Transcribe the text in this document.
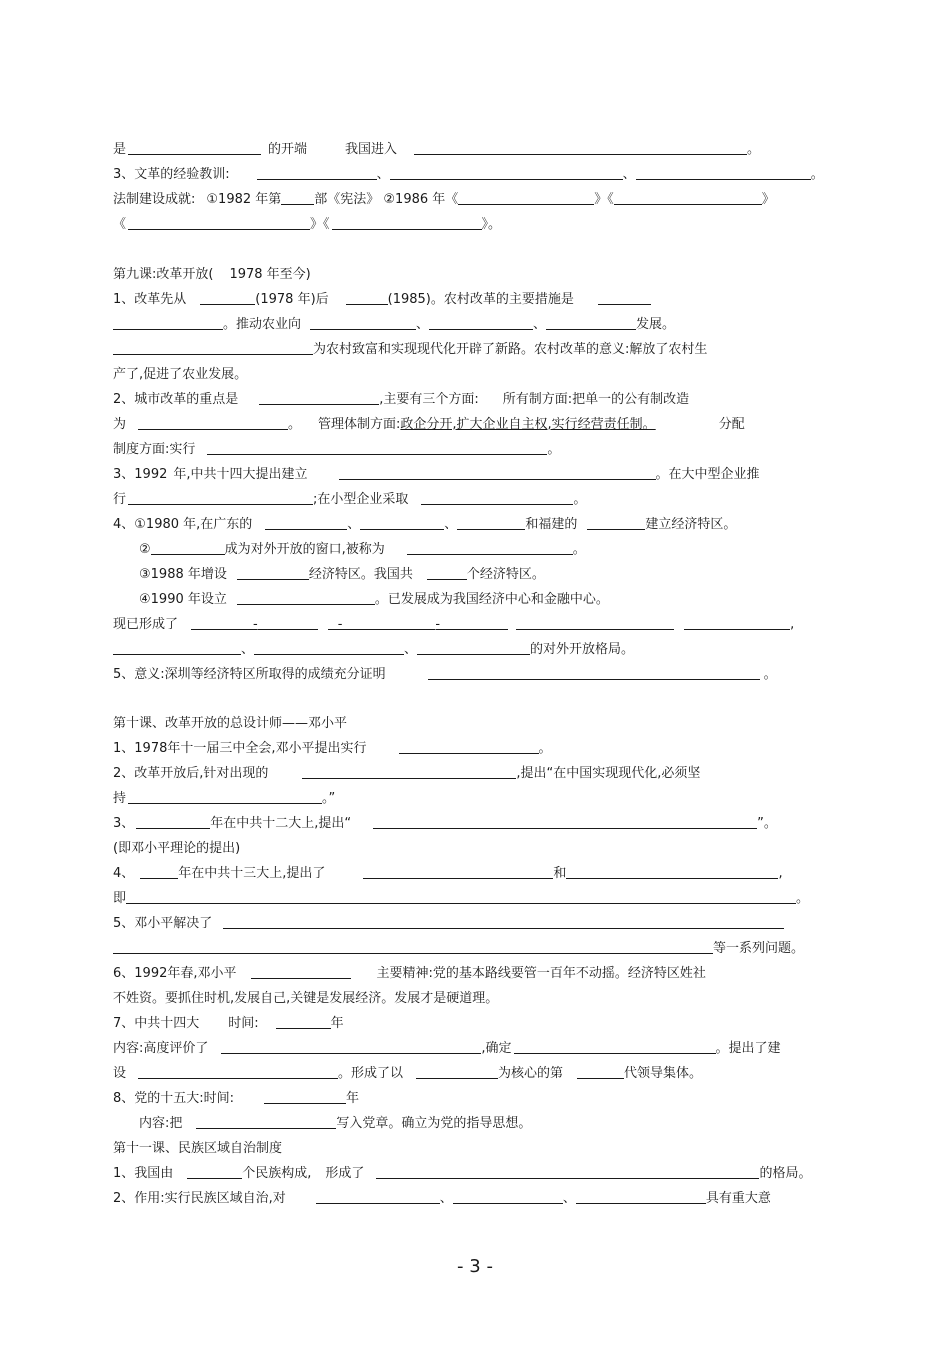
是	的开端	我国进入	。
3、文革的经验教训:	、	、	。
法制建设成就: ①1982 年第	部《宪法》 ②1986 年《	》《	》
《	》《	》。
第九课:改革开放( 1978 年至今)
1、改革先从	(1978 年)后	(1985)。农村改革的主要措施是
。推动农业向	、	、	发展。
为农村致富和实现现代化开辟了新路。农村改革的意义:解放了农村生
产了,促进了农业发展。
2、城市改革的重点是	,主要有三个方面: 所有制方面:把单一的公有制改造
为	。 管理体制方面:政企分开,扩大企业自主权,实行经营责任制。	分配
制度方面:实行	。
3、1992 年,中共十四大提出建立	。在大中型企业推
行	;在小型企业采取	。
4、①1980 年,在广东的	、	、	和福建的	建立经济特区。
②	成为对外开放的窗口,被称为	。
③1988 年增设	经济特区。我国共	个经济特区。
④1990 年设立	。已发展成为我国经济中心和金融中心。
现已形成了	-	-	-	,
、	、	的对外开放格局。
5、意义:深圳等经济特区所取得的成绩充分证明	。
第十课、改革开放的总设计师——邓小平
1、1978年十一届三中全会,邓小平提出实行	。
2、改革开放后,针对出现的	,提出“在中国实现现代化,必须坚
持	。”
3、	年在中共十二大上,提出“	”。
(即邓小平理论的提出)
4、	年在中共十三大上,提出了	和	,
即	。
5、邓小平解决了
等一系列问题。
6、1992年春,邓小平	主要精神:党的基本路线要管一百年不动摇。经济特区姓社
不姓资。要抓住时机,发展自己,关键是发展经济。发展才是硬道理。
7、中共十四大 时间:	年
内容:高度评价了	,确定	。提出了建
设	。形成了以	为核心的第	代领导集体。
8、党的十五大:时间:	年
内容:把	写入党章。确立为党的指导思想。
第十一课、民族区域自治制度
1、我国由	个民族构成, 形成了	的格局。
2、作用:实行民族区域自治,对	、	、	具有重大意
- 3 -
